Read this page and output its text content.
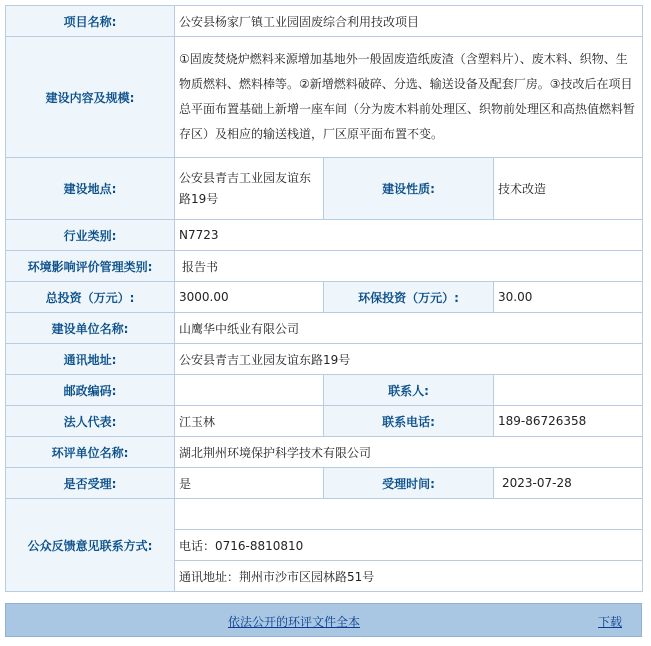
项目名称:	公安县杨家厂镇工业园固废综合利用技改项目		
建设内容及规模:	①固废焚烧炉燃料来源增加基地外一般固废造纸废渣（含塑料片）、废木料、织物、生物质燃料、燃料棒等。②新增燃料破碎、分选、输送设备及配套厂房。③技改后在项目总平面布置基础上新增一座车间（分为废木料前处理区、织物前处理区和高热值燃料暂存区）及相应的输送栈道，厂区原平面布置不变。		
建设地点:	公安县青吉工业园友谊东路19号	建设性质:	技术改造
行业类别:	N7723		
环境影响评价管理类别:	报告书		
总投资（万元）:	3000.00	环保投资（万元）:	30.00
建设单位名称:	山鹰华中纸业有限公司		
通讯地址:	公安县青吉工业园友谊东路19号		
邮政编码:		联系人:	
法人代表:	江玉林	联系电话:	189-86726358
环评单位名称:	湖北荆州环境保护科学技术有限公司		
是否受理:	是	受理时间:	2023-07-28
公众反馈意见联系方式:			
	电话：0716-8810810		
	通讯地址：荆州市沙市区园林路51号		
依法公开的环评文件全本	下载
